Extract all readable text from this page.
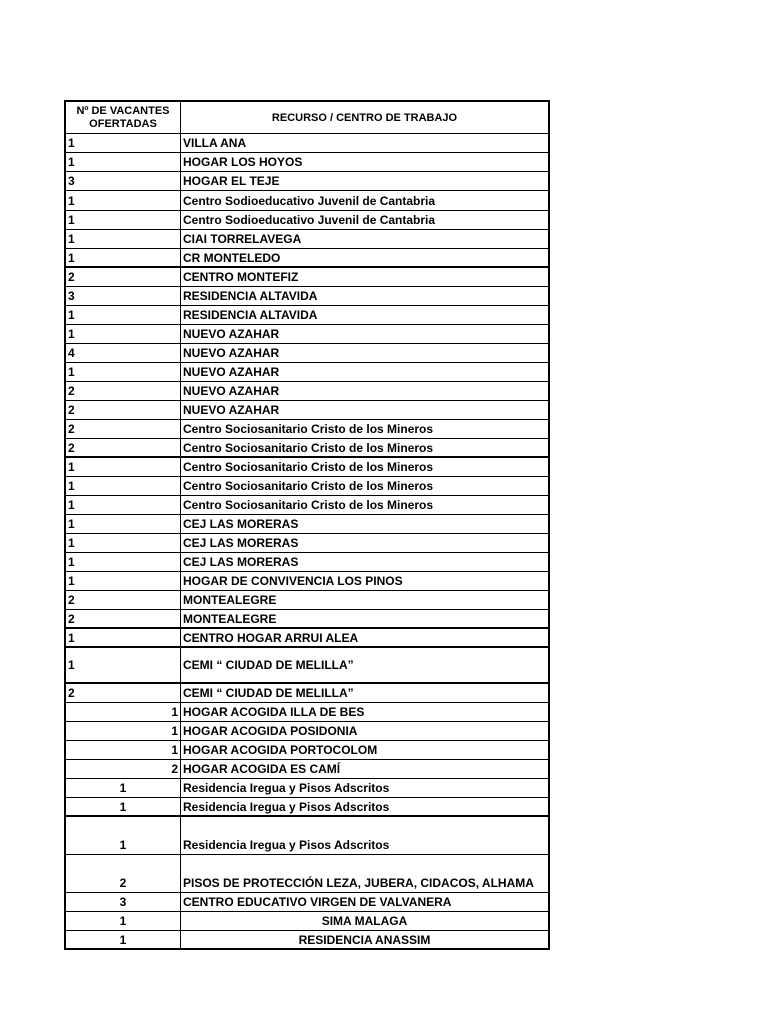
Nº DE VACANTES OFERTADAS	RECURSO / CENTRO DE TRABAJO
1	VILLA ANA
1	HOGAR LOS HOYOS
3	HOGAR EL TEJE
1	Centro Sodioeducativo Juvenil de Cantabria
1	Centro Sodioeducativo Juvenil de Cantabria
1	CIAI TORRELAVEGA
1	CR MONTELEDO
2	CENTRO MONTEFIZ
3	RESIDENCIA ALTAVIDA
1	RESIDENCIA ALTAVIDA
1	NUEVO AZAHAR
4	NUEVO AZAHAR
1	NUEVO AZAHAR
2	NUEVO AZAHAR
2	NUEVO AZAHAR
2	Centro Sociosanitario Cristo de los Mineros
2	Centro Sociosanitario Cristo de los Mineros
1	Centro Sociosanitario Cristo de los Mineros
1	Centro Sociosanitario Cristo de los Mineros
1	Centro Sociosanitario Cristo de los Mineros
1	CEJ LAS MORERAS
1	CEJ LAS MORERAS
1	CEJ LAS MORERAS
1	HOGAR DE CONVIVENCIA LOS PINOS
2	MONTEALEGRE
2	MONTEALEGRE
1	CENTRO HOGAR ARRUI ALEA
1	CEMI “ CIUDAD DE MELILLA”
2	CEMI “ CIUDAD DE MELILLA”
1 HOGAR ACOGIDA ILLA DE BES
1 HOGAR ACOGIDA POSIDONIA
1 HOGAR ACOGIDA PORTOCOLOM
2 HOGAR ACOGIDA ES CAMÍ
1	Residencia Iregua y Pisos Adscritos
1	Residencia Iregua y Pisos Adscritos
1	Residencia Iregua y Pisos Adscritos
2	PISOS DE PROTECCIÓN LEZA, JUBERA, CIDACOS, ALHAMA
3	CENTRO EDUCATIVO VIRGEN DE VALVANERA
1	SIMA MALAGA
1	RESIDENCIA ANASSIM
